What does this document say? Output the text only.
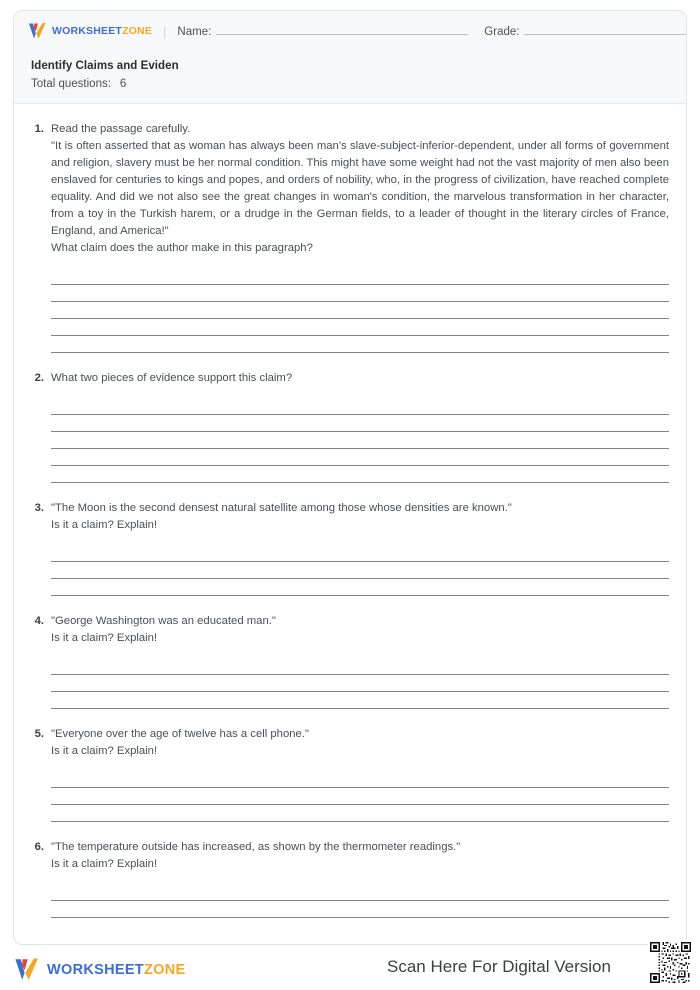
WORKSHEETZONE | Name:	Grade:
Identify Claims and Eviden
Total questions: 6
1. Read the passage carefully.
"It is often asserted that as woman has always been man's slave-subject-inferior-dependent, under all forms of government and religion, slavery must be her normal condition. This might have some weight had not the vast majority of men also been enslaved for centuries to kings and popes, and orders of nobility, who, in the progress of civilization, have reached complete equality. And did we not also see the great changes in woman's condition, the marvelous transformation in her character, from a toy in the Turkish harem, or a drudge in the German fields, to a leader of thought in the literary circles of France, England, and America!"
What claim does the author make in this paragraph?
2. What two pieces of evidence support this claim?
3. "The Moon is the second densest natural satellite among those whose densities are known."
Is it a claim? Explain!
4. "George Washington was an educated man."
Is it a claim? Explain!
5. "Everyone over the age of twelve has a cell phone."
Is it a claim? Explain!
6. "The temperature outside has increased, as shown by the thermometer readings."
Is it a claim? Explain!
WORKSHEETZONE	Scan Here For Digital Version
